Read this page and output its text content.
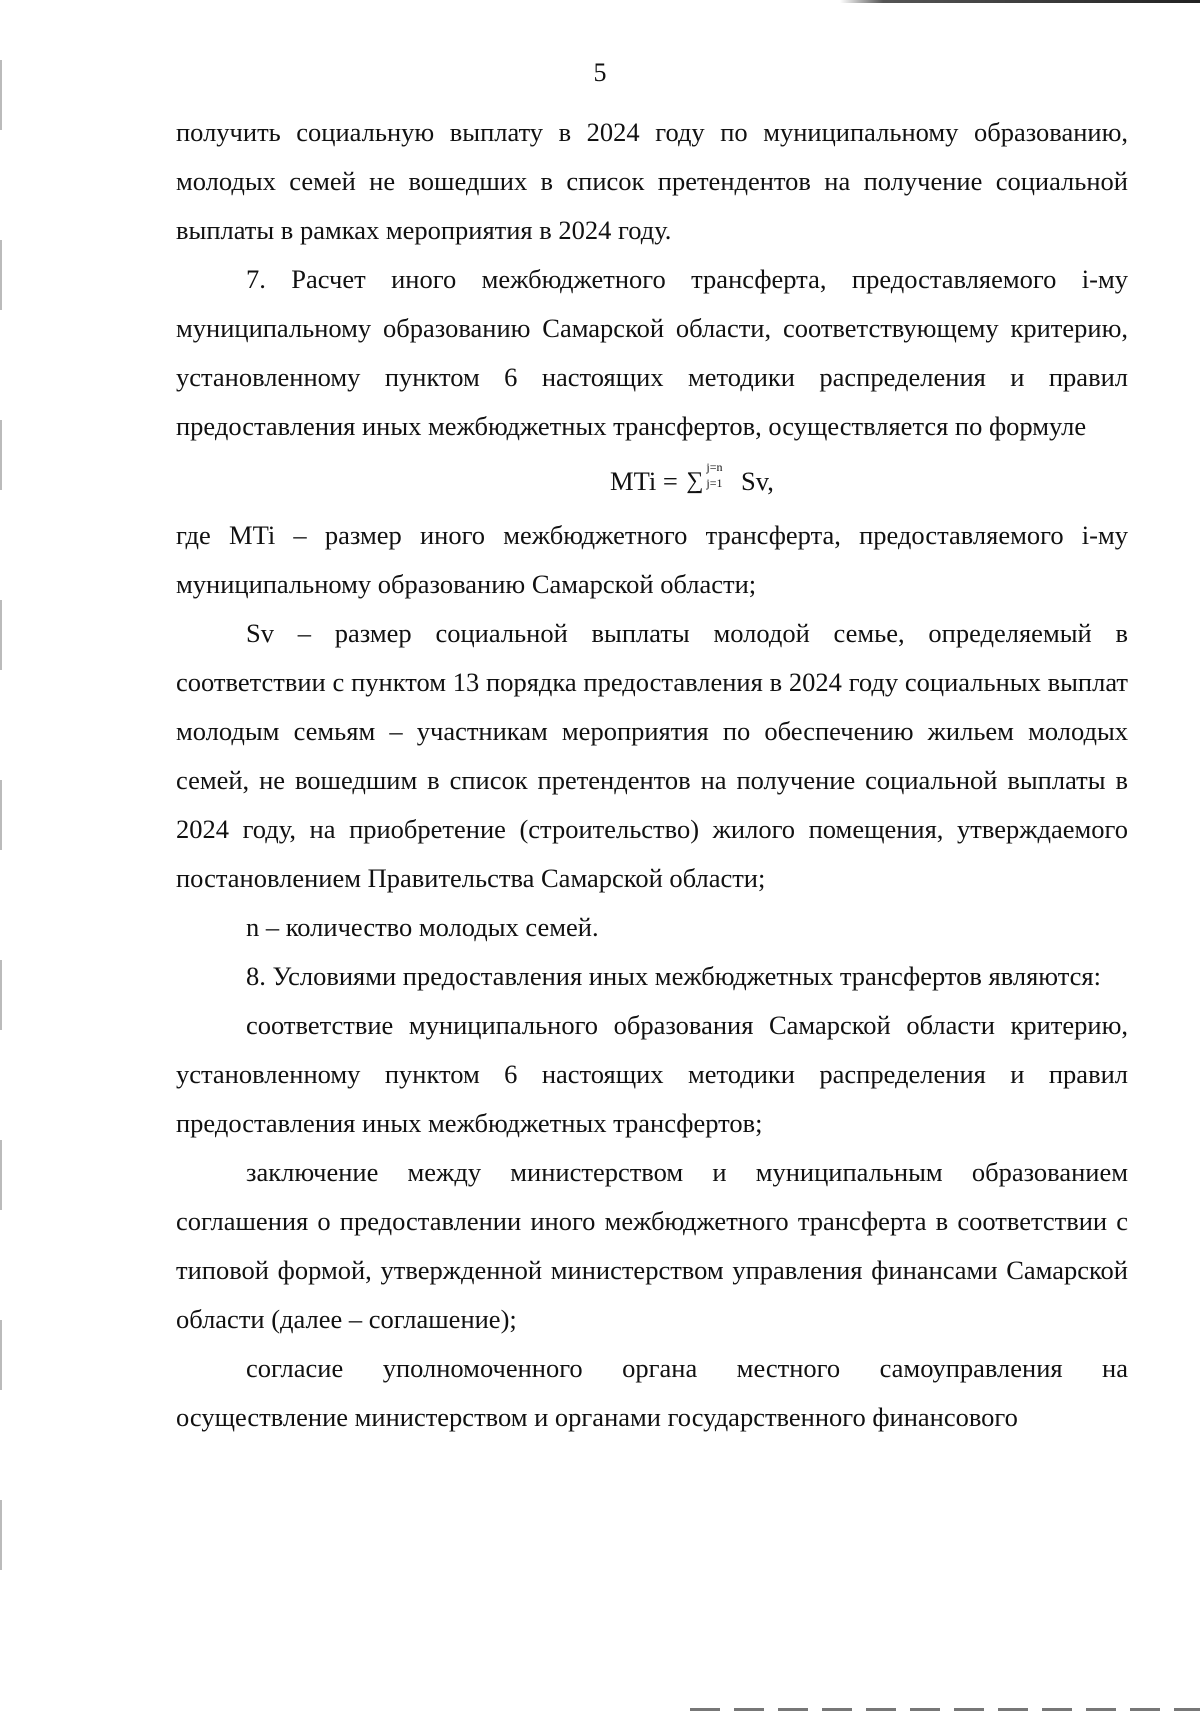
5

получить социальную выплату в 2024 году по муниципальному образованию, молодых семей не вошедших в список претендентов на получение социальной выплаты в рамках мероприятия в 2024 году.

7. Расчет иного межбюджетного трансферта, предоставляемого і-му муниципальному образованию Самарской области, соответствующему критерию, установленному пунктом 6 настоящих методики распределения и правил предоставления иных межбюджетных трансфертов, осуществляется по формуле

MTi = ∑
j=n
j=1 Sv,

где MTi – размер иного межбюджетного трансферта, предоставляемого і-му муниципальному образованию Самарской области;

Sv – размер социальной выплаты молодой семье, определяемый в соответствии с пунктом 13 порядка предоставления в 2024 году социальных выплат молодым семьям – участникам мероприятия по обеспечению жильем молодых семей, не вошедшим в список претендентов на получение социальной выплаты в 2024 году, на приобретение (строительство) жилого помещения, утверждаемого постановлением Правительства Самарской области;

n – количество молодых семей.

8. Условиями предоставления иных межбюджетных трансфертов являются:

соответствие муниципального образования Самарской области критерию, установленному пунктом 6 настоящих методики распределения и правил предоставления иных межбюджетных трансфертов;

заключение между министерством и муниципальным образованием соглашения о предоставлении иного межбюджетного трансферта в соответствии с типовой формой, утвержденной министерством управления финансами Самарской области (далее – соглашение);

согласие уполномоченного органа местного самоуправления на осуществление министерством и органами государственного финансового
